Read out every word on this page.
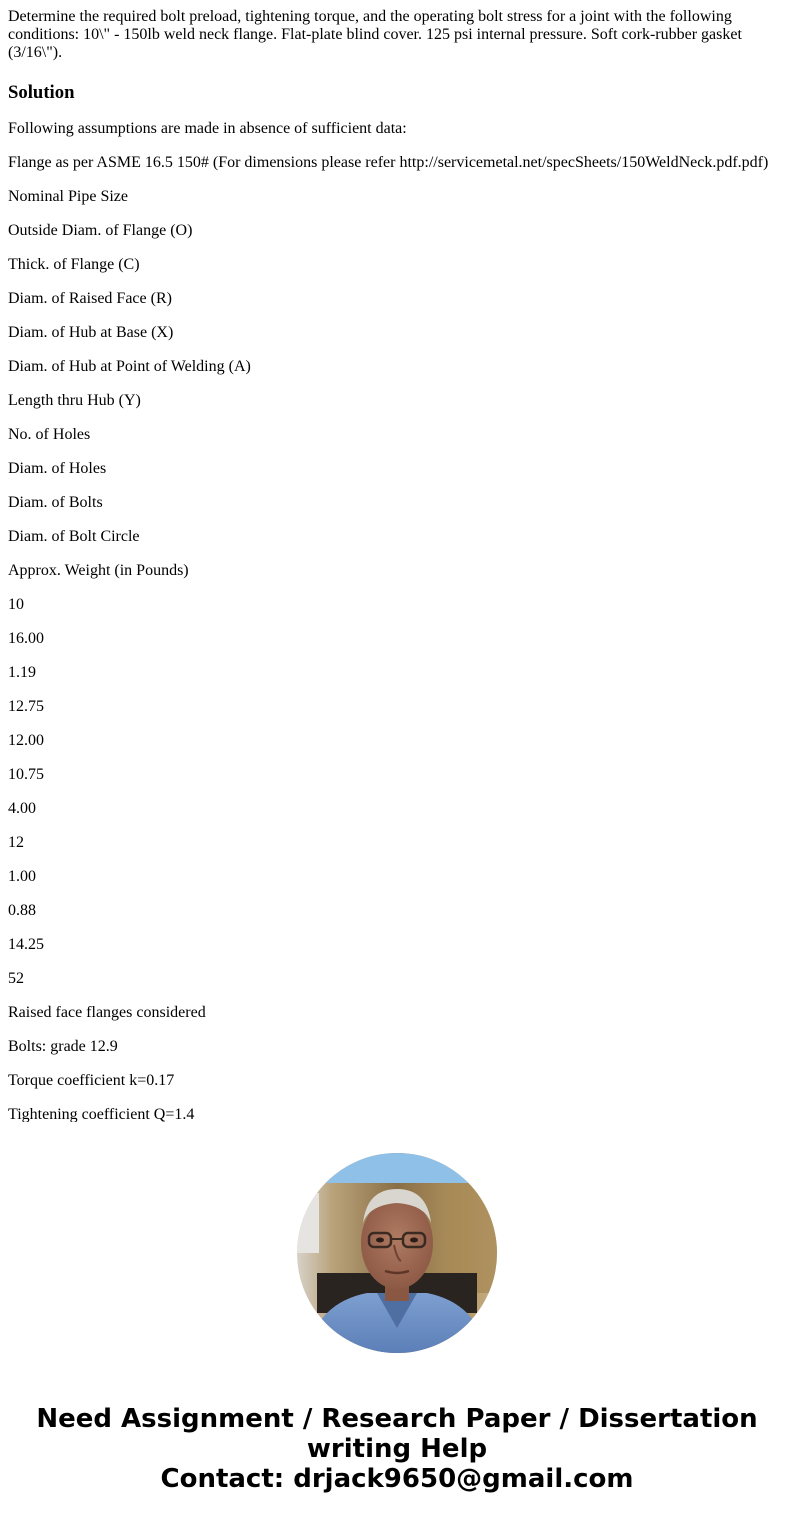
Determine the required bolt preload, tightening torque, and the operating bolt stress for a joint with the following conditions: 10\" - 150lb weld neck flange. Flat-plate blind cover. 125 psi internal pressure. Soft cork-rubber gasket (3/16\").

Solution

Following assumptions are made in absence of sufficient data:

Flange as per ASME 16.5 150# (For dimensions please refer http://servicemetal.net/specSheets/150WeldNeck.pdf.pdf)

Nominal Pipe Size

Outside Diam. of Flange (O)

Thick. of Flange (C)

Diam. of Raised Face (R)

Diam. of Hub at Base (X)

Diam. of Hub at Point of Welding (A)

Length thru Hub (Y)

No. of Holes

Diam. of Holes

Diam. of Bolts

Diam. of Bolt Circle

Approx. Weight (in Pounds)

10

16.00

1.19

12.75

12.00

10.75

4.00

12

1.00

0.88

14.25

52

Raised face flanges considered

Bolts: grade 12.9

Torque coefficient k=0.17

Tightening coefficient Q=1.4

Need Assignment / Research Paper / Dissertation
writing Help
Contact: drjack9650@gmail.com
